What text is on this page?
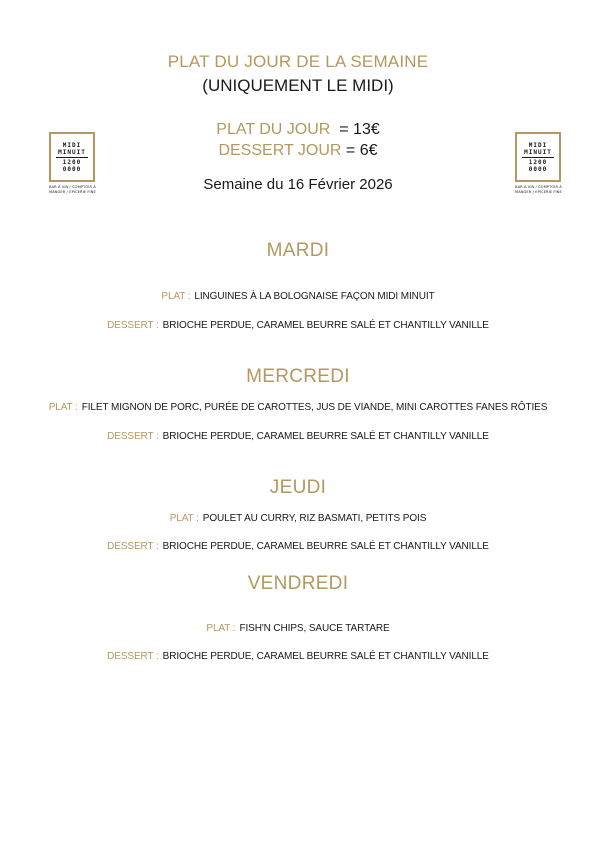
MIDI
MINUIT
1200
0000
BAR À VIN / COMPTOIR À
MANGER / EPICERIE FINE
MIDI
MINUIT
1200
0000
BAR À VIN / COMPTOIR À
MANGER / EPICERIE FINE
PLAT DU JOUR DE LA SEMAINE
(UNIQUEMENT LE MIDI)
PLAT DU JOUR = 13€
DESSERT JOUR = 6€
Semaine du 16 Février 2026
MARDI
PLAT : LINGUINES À LA BOLOGNAISE FAÇON MIDI MINUIT
DESSERT : BRIOCHE PERDUE, CARAMEL BEURRE SALÉ ET CHANTILLY VANILLE
MERCREDI
PLAT : FILET MIGNON DE PORC, PURÉE DE CAROTTES, JUS DE VIANDE, MINI CAROTTES FANES RÔTIES
DESSERT : BRIOCHE PERDUE, CARAMEL BEURRE SALÉ ET CHANTILLY VANILLE
JEUDI
PLAT : POULET AU CURRY, RIZ BASMATI, PETITS POIS
DESSERT : BRIOCHE PERDUE, CARAMEL BEURRE SALÉ ET CHANTILLY VANILLE
VENDREDI
PLAT : FISH'N CHIPS, SAUCE TARTARE
DESSERT : BRIOCHE PERDUE, CARAMEL BEURRE SALÉ ET CHANTILLY VANILLE
